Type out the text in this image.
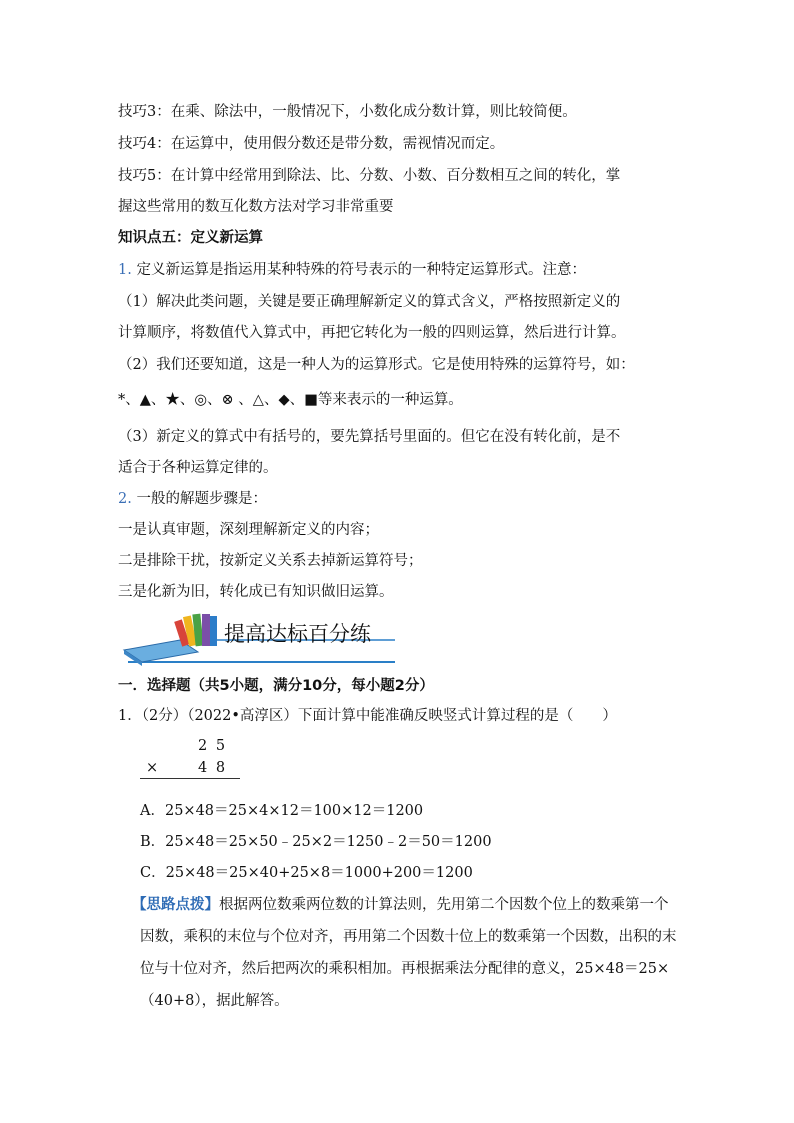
技巧3：在乘、除法中，一般情况下，小数化成分数计算，则比较简便。
技巧4：在运算中，使用假分数还是带分数，需视情况而定。
技巧5：在计算中经常用到除法、比、分数、小数、百分数相互之间的转化，掌
握这些常用的数互化数方法对学习非常重要
知识点五：定义新运算
1. 定义新运算是指运用某种特殊的符号表示的一种特定运算形式。注意：
（1）解决此类问题，关键是要正确理解新定义的算式含义，严格按照新定义的
计算顺序，将数值代入算式中，再把它转化为一般的四则运算，然后进行计算。
（2）我们还要知道，这是一种人为的运算形式。它是使用特殊的运算符号，如：
*、▲、★、◎、⊗ 、△、◆、■等来表示的一种运算。
（3）新定义的算式中有括号的，要先算括号里面的。但它在没有转化前，是不
适合于各种运算定律的。
2. 一般的解题步骤是：
一是认真审题，深刻理解新定义的内容；
二是排除干扰，按新定义关系去掉新运算符号；
三是化新为旧，转化成已有知识做旧运算。
提高达标百分练
一．选择题（共5小题，满分10分，每小题2分）
1．（2分）（2022•高淳区）下面计算中能准确反映竖式计算过程的是（　　）
2 5
×	4 8
A．25×48＝25×4×12＝100×12＝1200
B．25×48＝25×50﹣25×2＝1250﹣2＝50＝1200
C．25×48＝25×40+25×8＝1000+200＝1200
【思路点拨】根据两位数乘两位数的计算法则，先用第二个因数个位上的数乘第一个
因数，乘积的末位与个位对齐，再用第二个因数十位上的数乘第一个因数，出积的末
位与十位对齐，然后把两次的乘积相加。再根据乘法分配律的意义，25×48＝25×
（40+8），据此解答。
